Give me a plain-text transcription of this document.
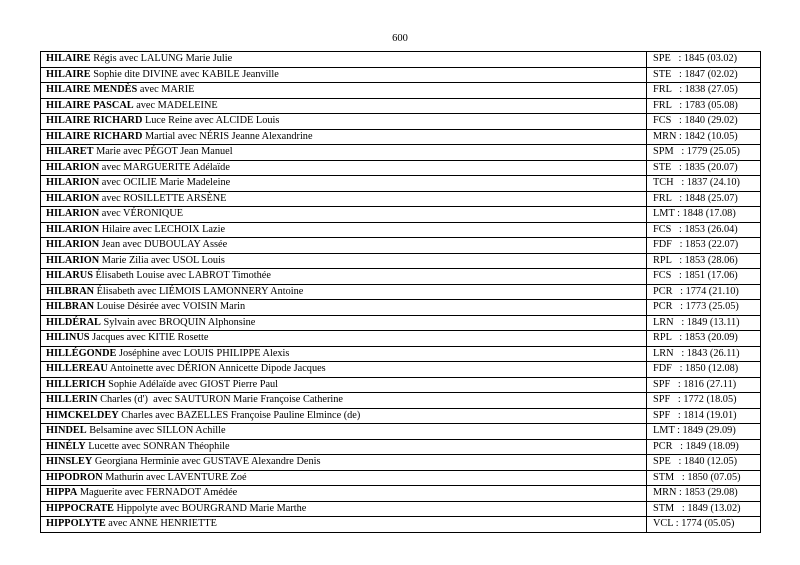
600
HILAIRE Régis avec LALUNG Marie Julie	SPE   : 1845 (03.02)
HILAIRE Sophie dite DIVINE avec KABILE Jeanville	STE   : 1847 (02.02)
HILAIRE MENDÈS avec MARIE	FRL   : 1838 (27.05)
HILAIRE PASCAL avec MADELEINE	FRL   : 1783 (05.08)
HILAIRE RICHARD Luce Reine avec ALCIDE Louis	FCS   : 1840 (29.02)
HILAIRE RICHARD Martial avec NÉRIS Jeanne Alexandrine	MRN : 1842 (10.05)
HILARET Marie avec PÉGOT Jean Manuel	SPM   : 1779 (25.05)
HILARION avec MARGUERITE Adélaïde	STE   : 1835 (20.07)
HILARION avec OCILIE Marie Madeleine	TCH   : 1837 (24.10)
HILARION avec ROSILLETTE ARSÈNE	FRL   : 1848 (25.07)
HILARION avec VÉRONIQUE	LMT : 1848 (17.08)
HILARION Hilaire avec LECHOIX Lazie	FCS   : 1853 (26.04)
HILARION Jean avec DUBOULAY Assée	FDF   : 1853 (22.07)
HILARION Marie Zilia avec USOL Louis	RPL   : 1853 (28.06)
HILARUS Élisabeth Louise avec LABROT Timothée	FCS   : 1851 (17.06)
HILBRAN Élisabeth avec LIÉMOIS LAMONNERY Antoine	PCR   : 1774 (21.10)
HILBRAN Louise Désirée avec VOISIN Marin	PCR   : 1773 (25.05)
HILDÉRAL Sylvain avec BROQUIN Alphonsine	LRN   : 1849 (13.11)
HILINUS Jacques avec KITIE Rosette	RPL   : 1853 (20.09)
HILLÉGONDE Joséphine avec LOUIS PHILIPPE Alexis	LRN   : 1843 (26.11)
HILLEREAU Antoinette avec DÉRION Annicette Dipode Jacques	FDF   : 1850 (12.08)
HILLERICH Sophie Adélaïde avec GIOST Pierre Paul	SPF   : 1816 (27.11)
HILLERIN Charles (d')  avec SAUTURON Marie Françoise Catherine	SPF   : 1772 (18.05)
HIMCKELDEY Charles avec BAZELLES Françoise Pauline Elmince (de)	SPF   : 1814 (19.01)
HINDEL Belsamine avec SILLON Achille	LMT : 1849 (29.09)
HINÉLY Lucette avec SONRAN Théophile	PCR   : 1849 (18.09)
HINSLEY Georgiana Herminie avec GUSTAVE Alexandre Denis	SPE   : 1840 (12.05)
HIPODRON Mathurin avec LAVENTURE Zoé	STM   : 1850 (07.05)
HIPPA Maguerite avec FERNADOT Amédée	MRN : 1853 (29.08)
HIPPOCRATE Hippolyte avec BOURGRAND Marie Marthe	STM   : 1849 (13.02)
HIPPOLYTE avec ANNE HENRIETTE	VCL : 1774 (05.05)
